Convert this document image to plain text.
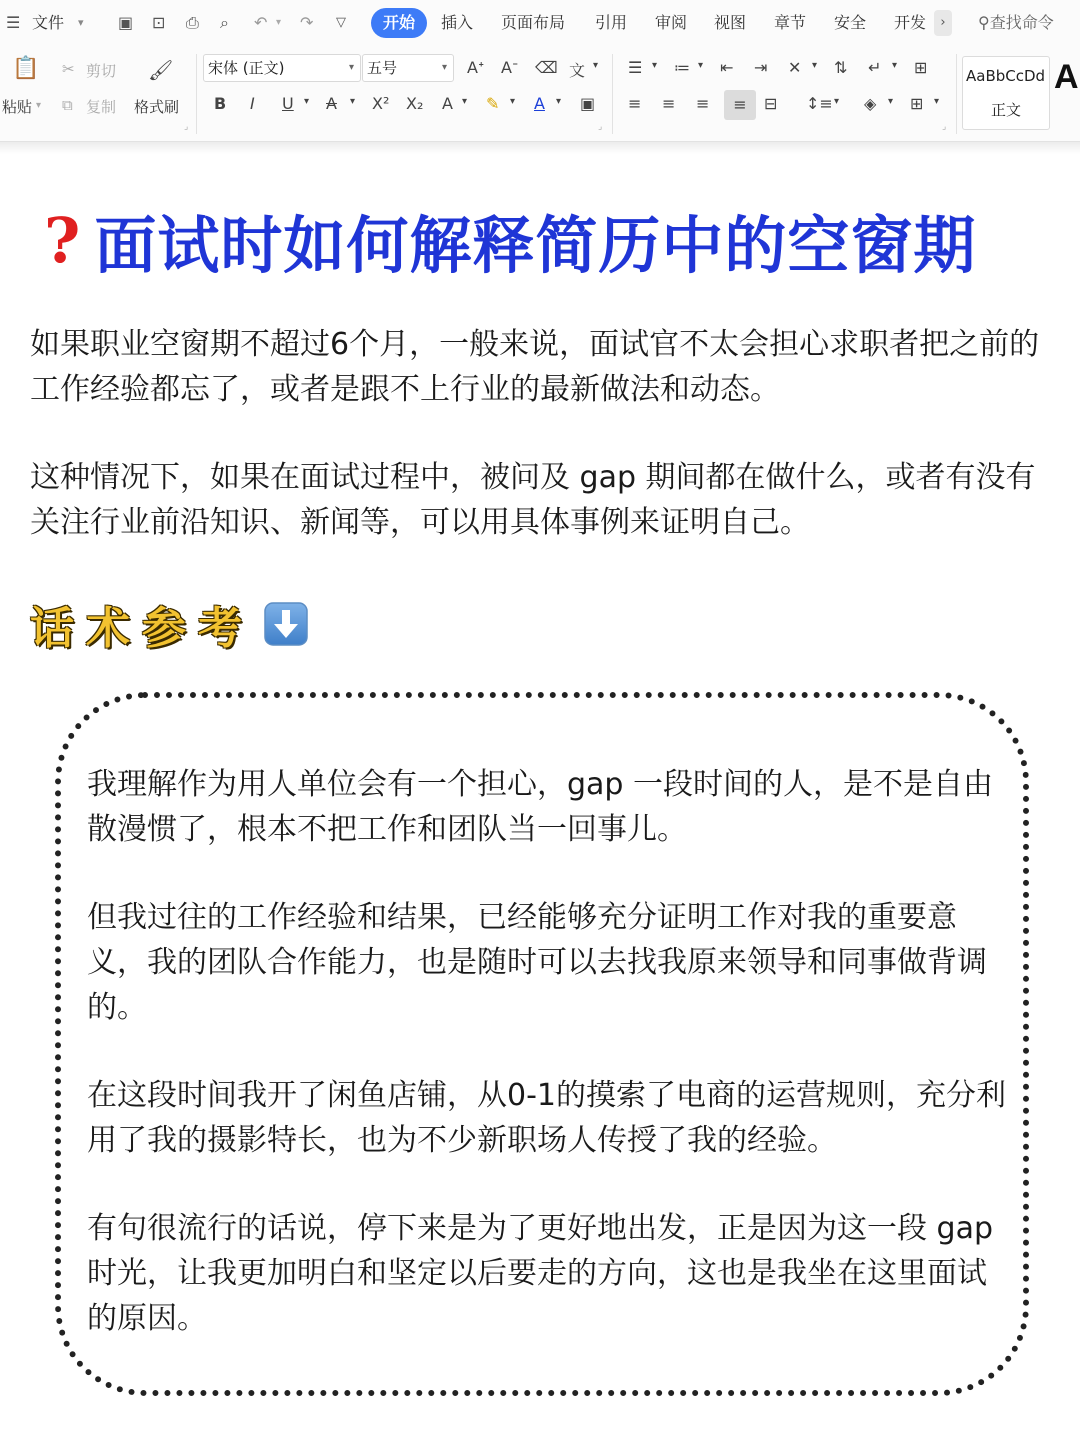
☰ 文件 ▾ ▣ ⊡ ⎙ ⌕ ↶ ▾ ↷ ▽	开始	插入 页面布局 引用 审阅 视图 章节 安全 开发	›	⚲查找命令
📋
粘贴 ▾
✂ 剪切
⧉ 复制
🖌
格式刷
⌟
宋体 (正文)	▾ 五号	▾ Aᐩ Aᐨ ⌫ 文 ▾
B I U ▾ A ▾ X² X₂ A ▾ ✎ ▾ A ▾ ▣
⌟
☰ ▾ ≔ ▾ ⇤ ⇥ ✕ ▾ ⇅ ↵ ▾ ⊞
≡ ≡ ≡	≡	⊟ ↕≡ ▾ ◈ ▾ ⊞ ▾
⌟
AaBbCcDd
正文
A
? 面试时如何解释简历中的空窗期

如果职业空窗期不超过6个月，一般来说，面试官不太会担心求职者把之前的工作经验都忘了，或者是跟不上行业的最新做法和动态。

这种情况下，如果在面试过程中，被问及 gap 期间都在做什么，或者有没有关注行业前沿知识、新闻等，可以用具体事例来证明自己。

话术参考

我理解作为用人单位会有一个担心，gap 一段时间的人，是不是自由散漫惯了，根本不把工作和团队当一回事儿。

但我过往的工作经验和结果，已经能够充分证明工作对我的重要意义，我的团队合作能力，也是随时可以去找我原来领导和同事做背调的。

在这段时间我开了闲鱼店铺，从0-1的摸索了电商的运营规则，充分利用了我的摄影特长，也为不少新职场人传授了我的经验。

有句很流行的话说，停下来是为了更好地出发，正是因为这一段 gap 时光，让我更加明白和坚定以后要走的方向，这也是我坐在这里面试的原因。
